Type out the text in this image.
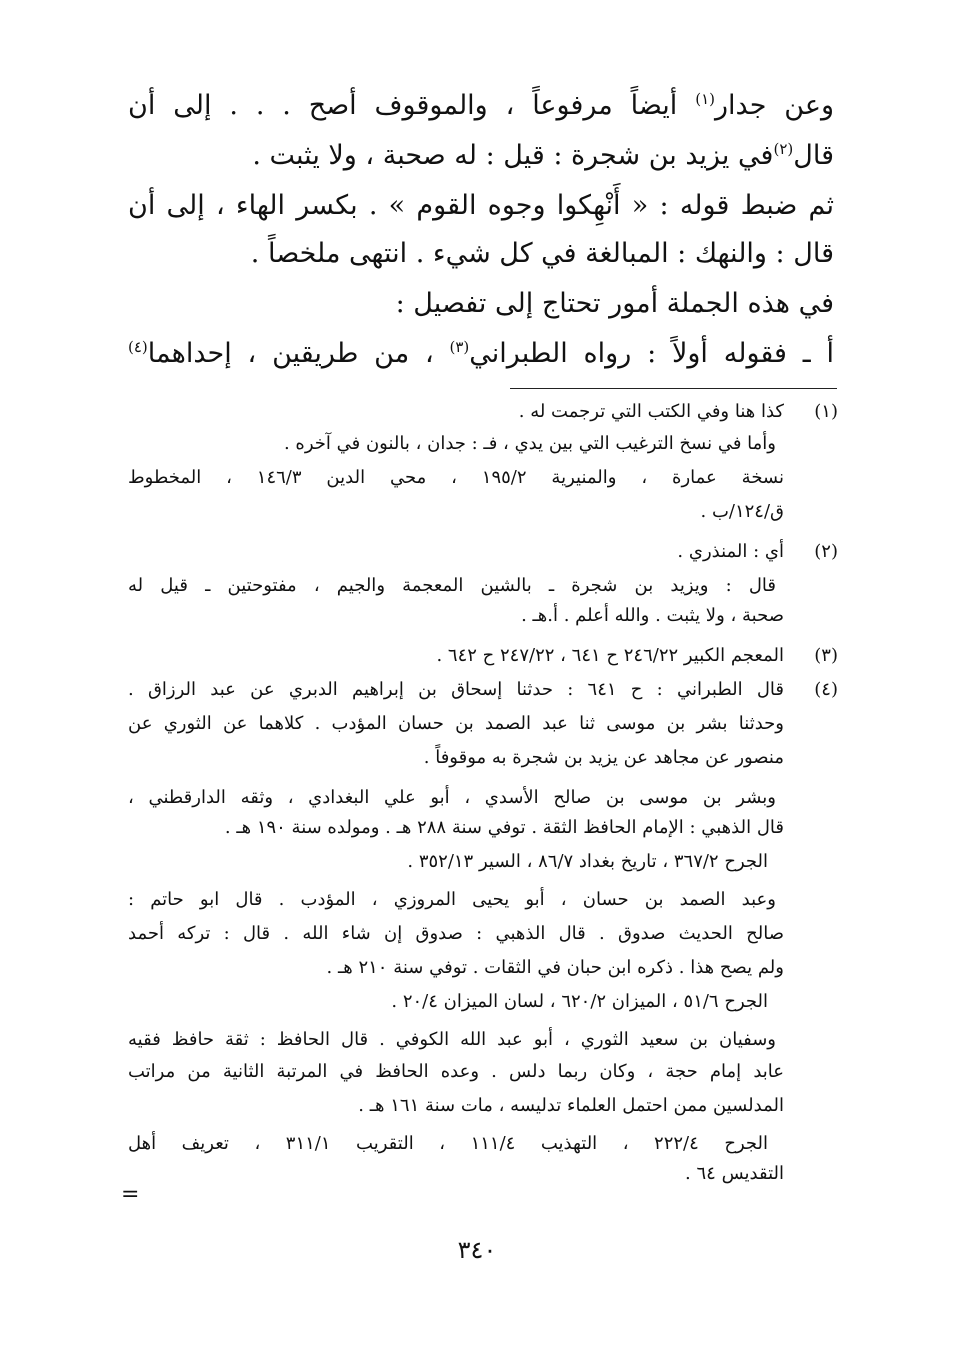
وعن جدار$^{(١)}$ أيضاً مرفوعاً ، والموقوف أصح . . . إلى أن
قال$^{(٢)}$في يزيد بن شجرة : قيل : له صحبة ، ولا يثبت .
ثم ضبط قوله : « أَنْهِكوا وجوه القوم » . بكسر الهاء ، إلى أن
قال : والنهك : المبالغة في كل شيء . انتهى ملخصاً .
في هذه الجملة أمور تحتاج إلى تفصيل :
أ ـ فقوله أولاً : رواه الطبراني$^{(٣)}$ ، من طريقين ، إحداهما$^{(٤)}$
(١)
كذا هنا وفي الكتب التي ترجمت له .
وأما في نسخ الترغيب التي بين يدي ، فـ : جدان ، بالنون في آخره .
نسخة عمارة ، والمنيرية ١٩٥/٢ ، محي الدين ١٤٦/٣ ، المخطوط
ق/١٢٤/ب .
(٢)
أي : المنذري .
قال : ويزيد بن شجرة ـ بالشين المعجمة والجيم ، مفتوحتين ـ قيل له
صحبة ، ولا يثبت . والله أعلم . أ.هـ .
(٣)
المعجم الكبير ٢٤٦/٢٢ ح ٦٤١ ، ٢٤٧/٢٢ ح ٦٤٢ .
(٤)
قال الطبراني : ح ٦٤١ : حدثنا إسحاق بن إبراهيم الدبري عن عبد الرزاق .
وحدثنا بشر بن موسى ثنا عبد الصمد بن حسان المؤدب . كلاهما عن الثوري عن
منصور عن مجاهد عن يزيد بن شجرة به موقوفاً .
وبشر بن موسى بن صالح الأسدي ، أبو علي البغدادي ، وثقه الدارقطني ،
قال الذهبي : الإمام الحافظ الثقة . توفي سنة ٢٨٨ هـ . ومولده سنة ١٩٠ هـ .
الجرح ٣٦٧/٢ ، تاريخ بغداد ٨٦/٧ ، السير ٣٥٢/١٣ .
وعبد الصمد بن حسان ، أبو يحيى المروزي ، المؤدب . قال ابو حاتم :
صالح الحديث صدوق . قال الذهبي : صدوق إن شاء الله . قال : تركه أحمد
ولم يصح هذا . ذكره ابن حبان في الثقات . توفي سنة ٢١٠ هـ .
الجرح ٥١/٦ ، الميزان ٦٢٠/٢ ، لسان الميزان ٢٠/٤ .
وسفيان بن سعيد الثوري ، أبو عبد الله الكوفي . قال الحافظ : ثقة حافظ فقيه
عابد إمام حجة ، وكان ربما دلس . وعده الحافظ في المرتبة الثانية من مراتب
المدلسين ممن احتمل العلماء تدليسه ، مات سنة ١٦١ هـ .
الجرح ٢٢٢/٤ ، التهذيب ١١١/٤ ، التقريب ٣١١/١ ، تعريف أهل
التقديس ٦٤ .
=
٣٤٠
